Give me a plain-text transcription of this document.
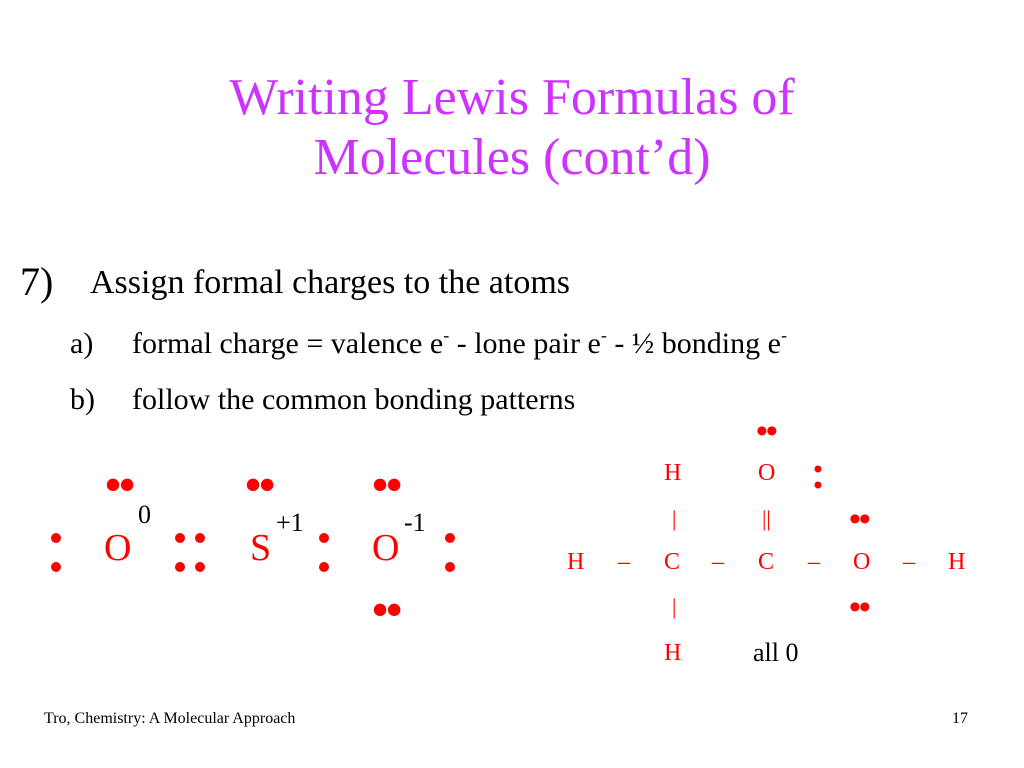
Writing Lewis Formulas of
Molecules (cont’d)
7) Assign formal charges to the atoms
a) formal charge = valence e- - lone pair e- - ½ bonding e-
b) follow the common bonding patterns
•• •• ••
••
O
0
S
+1
O
-1
••
H	O
|	|| ••
H – C – C – O – H
|	••
H	all 0
Tro, Chemistry: A Molecular Approach	17
